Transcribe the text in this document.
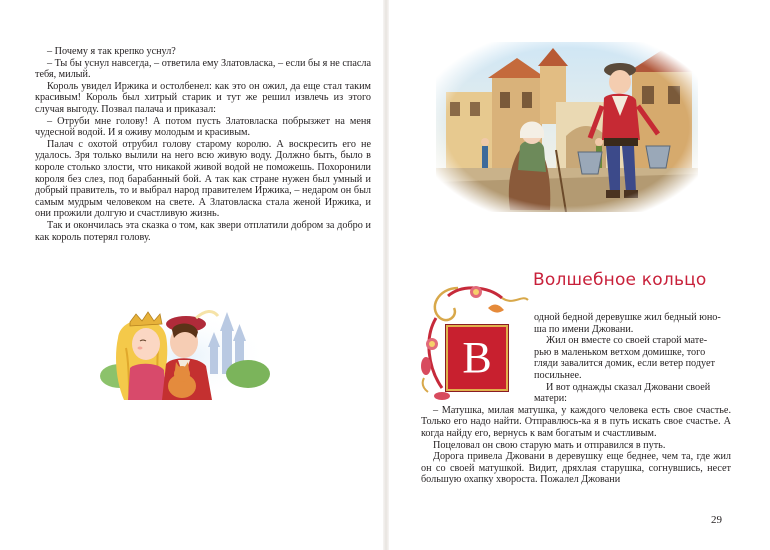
– Почему я так крепко уснул?

– Ты бы уснул навсегда, – ответила ему Златовласка, – если бы я не спасла тебя, милый.

Король увидел Иржика и остолбенел: как это он ожил, да еще стал таким красивым! Король был хитрый старик и тут же решил извлечь из этого случая выгоду. Позвал палача и приказал:

– Отруби мне голову! А потом пусть Златовласка побрызжет на меня чудесной водой. И я оживу молодым и красивым.

Палач с охотой отрубил голову старому королю. А воскресить его не удалось. Зря только вылили на него всю живую воду. Должно быть, было в короле столько злости, что никакой живой водой не поможешь. Похоронили короля без слез, под барабанный бой. А так как стране нужен был умный и добрый правитель, то и выбрал народ правителем Иржика, – недаром он был самым мудрым человеком на свете. А Златовласка стала женой Иржика, и они прожили долгую и счастливую жизнь.

Так и окончилась эта сказка о том, как звери отплатили добром за добро и как король потерял голову.

Волшебное кольцо
В
одной бедной деревушке жил бедный юно-
ша по имени Джовани.
Жил он вместе со своей старой мате-
рью в маленьком ветхом домишке, того
гляди завалится домик, если ветер подует
посильнее.
И вот однажды сказал Джовани своей
матери:

– Матушка, милая матушка, у каждого человека есть свое счастье. Только его надо найти. Отправлюсь-ка я в путь искать свое счастье. А когда найду его, вернусь к вам богатым и счастливым.

Поцеловал он свою старую мать и отправился в путь.

Дорога привела Джовани в деревушку еще беднее, чем та, где жил он со своей матушкой. Видит, дряхлая старушка, согнувшись, несет большую охапку хвороста. Пожалел Джовани

29
